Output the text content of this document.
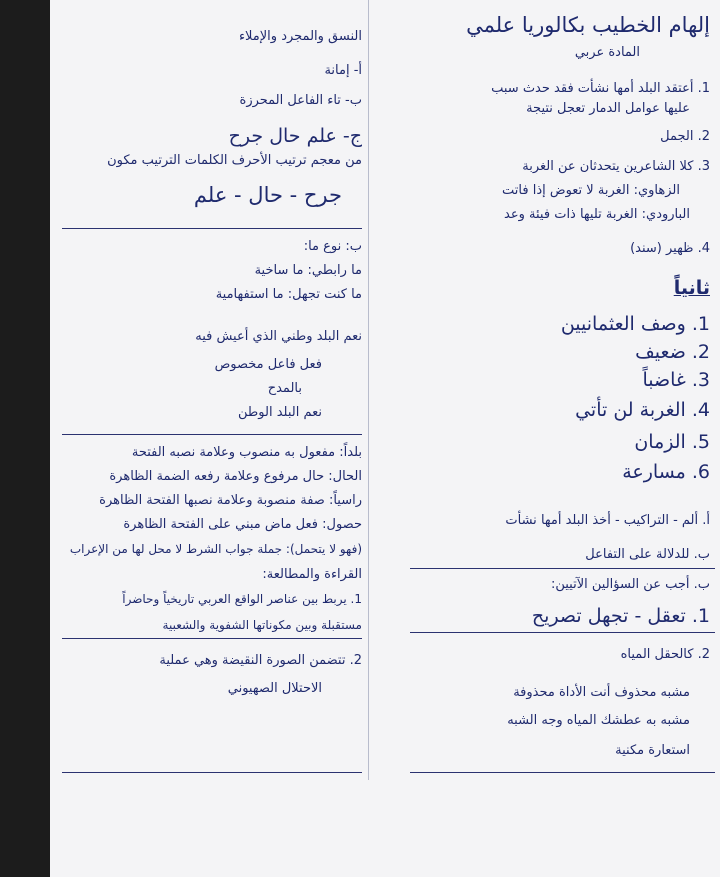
إلهام الخطيب بكالوريا علمي
المادة عربي
1. أعتقد البلد أمها نشأت فقد حدث سبب
عليها عوامل الدمار تعجل نتيجة
2. الجمل
3. كلا الشاعرين يتحدثان عن الغربة
الزهاوي: الغربة لا تعوض إذا فاتت
البارودي: الغربة تليها ذات فيئة وعد
4. ظهير (سند)
ثانياً
1. وصف العثمانيين
2. ضعيف
3. غاضباً
4. الغربة لن تأتي
5. الزمان
6. مسارعة
أ. ألم - التراكيب - أخذ البلد أمها نشأت
ب. للدلالة على التفاعل
ب. أجب عن السؤالين الآتيين:
1. تعقل - تجهل تصريح
2. كالحقل المياه
مشبه محذوف أنت الأداة محذوفة
مشبه به عطشك المياه وجه الشبه
استعارة مكنية
النسق والمجرد والإملاء
أ- إمانة
ب- تاء الفاعل المحرزة
ج- علم حال جرح
من معجم ترتيب الأحرف الكلمات الترتيب مكون
جرح - حال - علم
ب: نوع ما:
ما رابطي: ما ساخية
ما كنت تجهل: ما استفهامية
نعم البلد وطني الذي أعيش فيه
فعل فاعل مخصوص
بالمدح
نعم البلد الوطن
بلداً: مفعول به منصوب وعلامة نصبه الفتحة
الحال: حال مرفوع وعلامة رفعه الضمة الظاهرة
راسياً: صفة منصوبة وعلامة نصبها الفتحة الظاهرة
حصول: فعل ماض مبني على الفتحة الظاهرة
(فهو لا يتحمل): جملة جواب الشرط لا محل لها من الإعراب
القراءة والمطالعة:
1. يربط بين عناصر الواقع العربي تاريخياً وحاضراً
مستقبلة وبين مكوناتها الشفوية والشعبية
2. تتضمن الصورة النقيضة وهي عملية
الاحتلال الصهيوني
